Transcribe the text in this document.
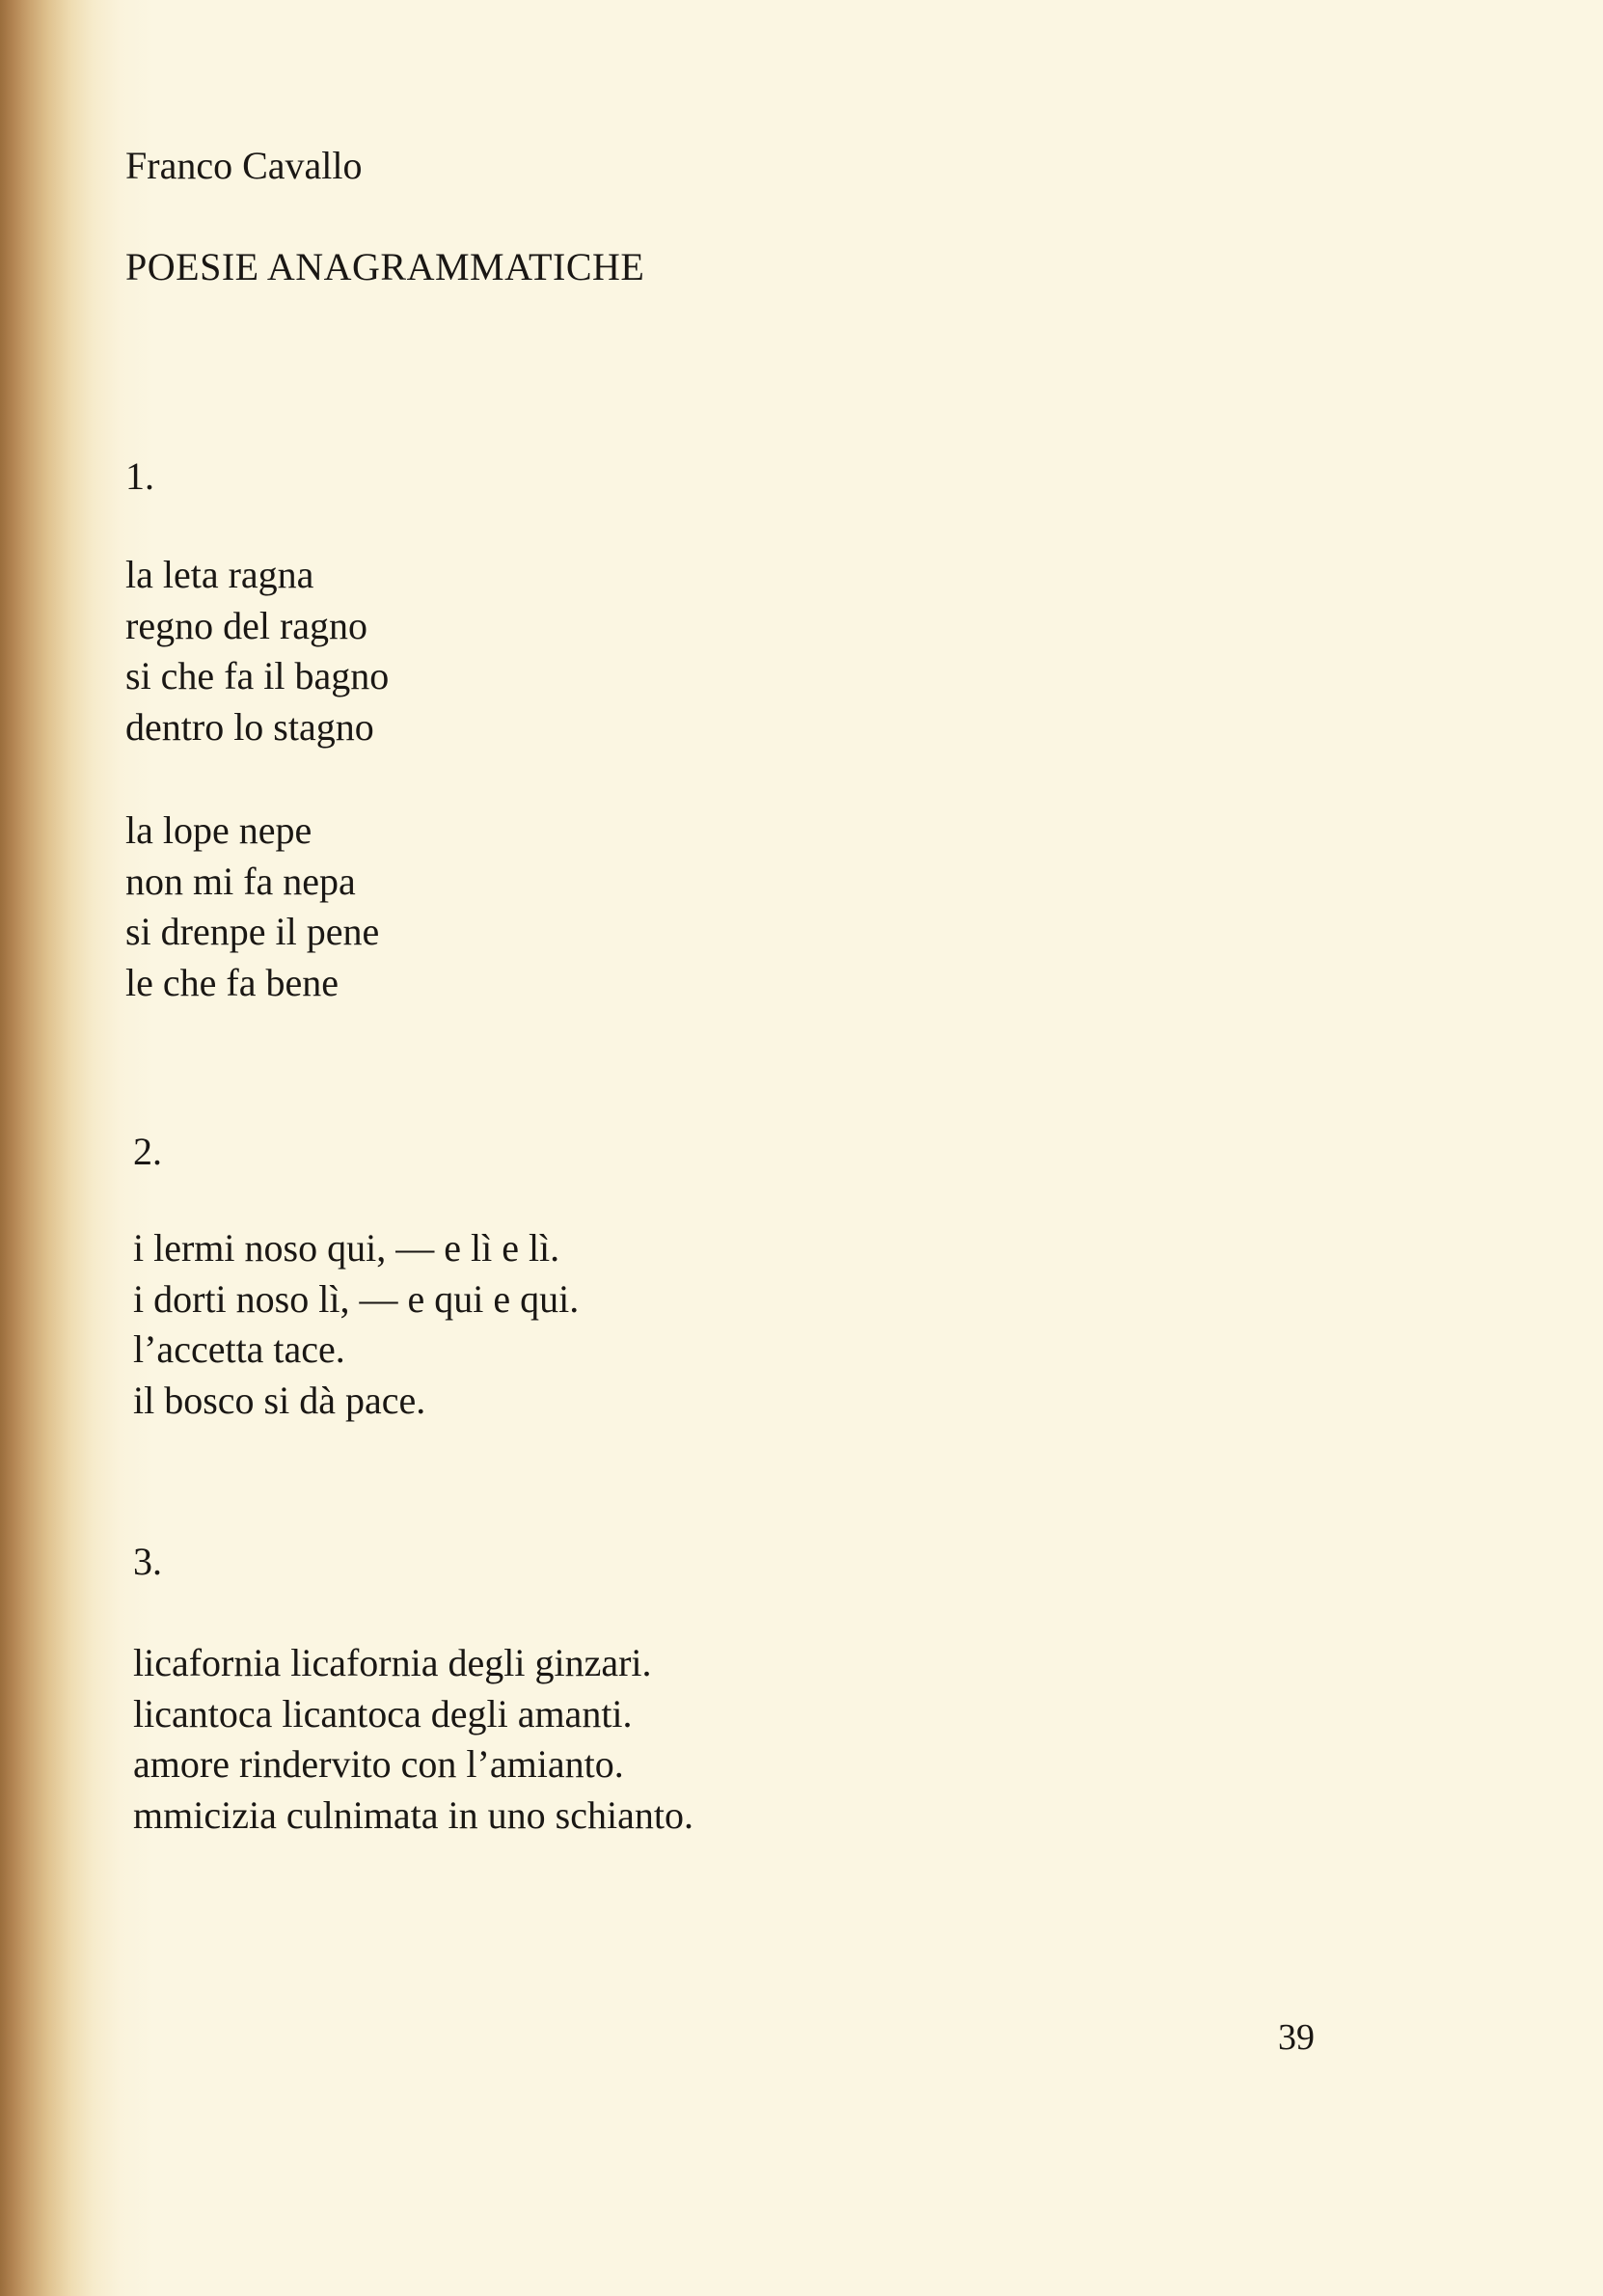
Franco Cavallo
POESIE ANAGRAMMATICHE
1.
la leta ragna
regno del ragno
si che fa il bagno
dentro lo stagno
la lope nepe
non mi fa nepa
si drenpe il pene
le che fa bene
2.
i lermi noso qui, — e lì e lì.
i dorti noso lì, — e qui e qui.
l’accetta tace.
il bosco si dà pace.
3.
licafornia licafornia degli ginzari.
licantoca licantoca degli amanti.
amore rindervito con l’amianto.
mmicizia culnimata in uno schianto.
39
